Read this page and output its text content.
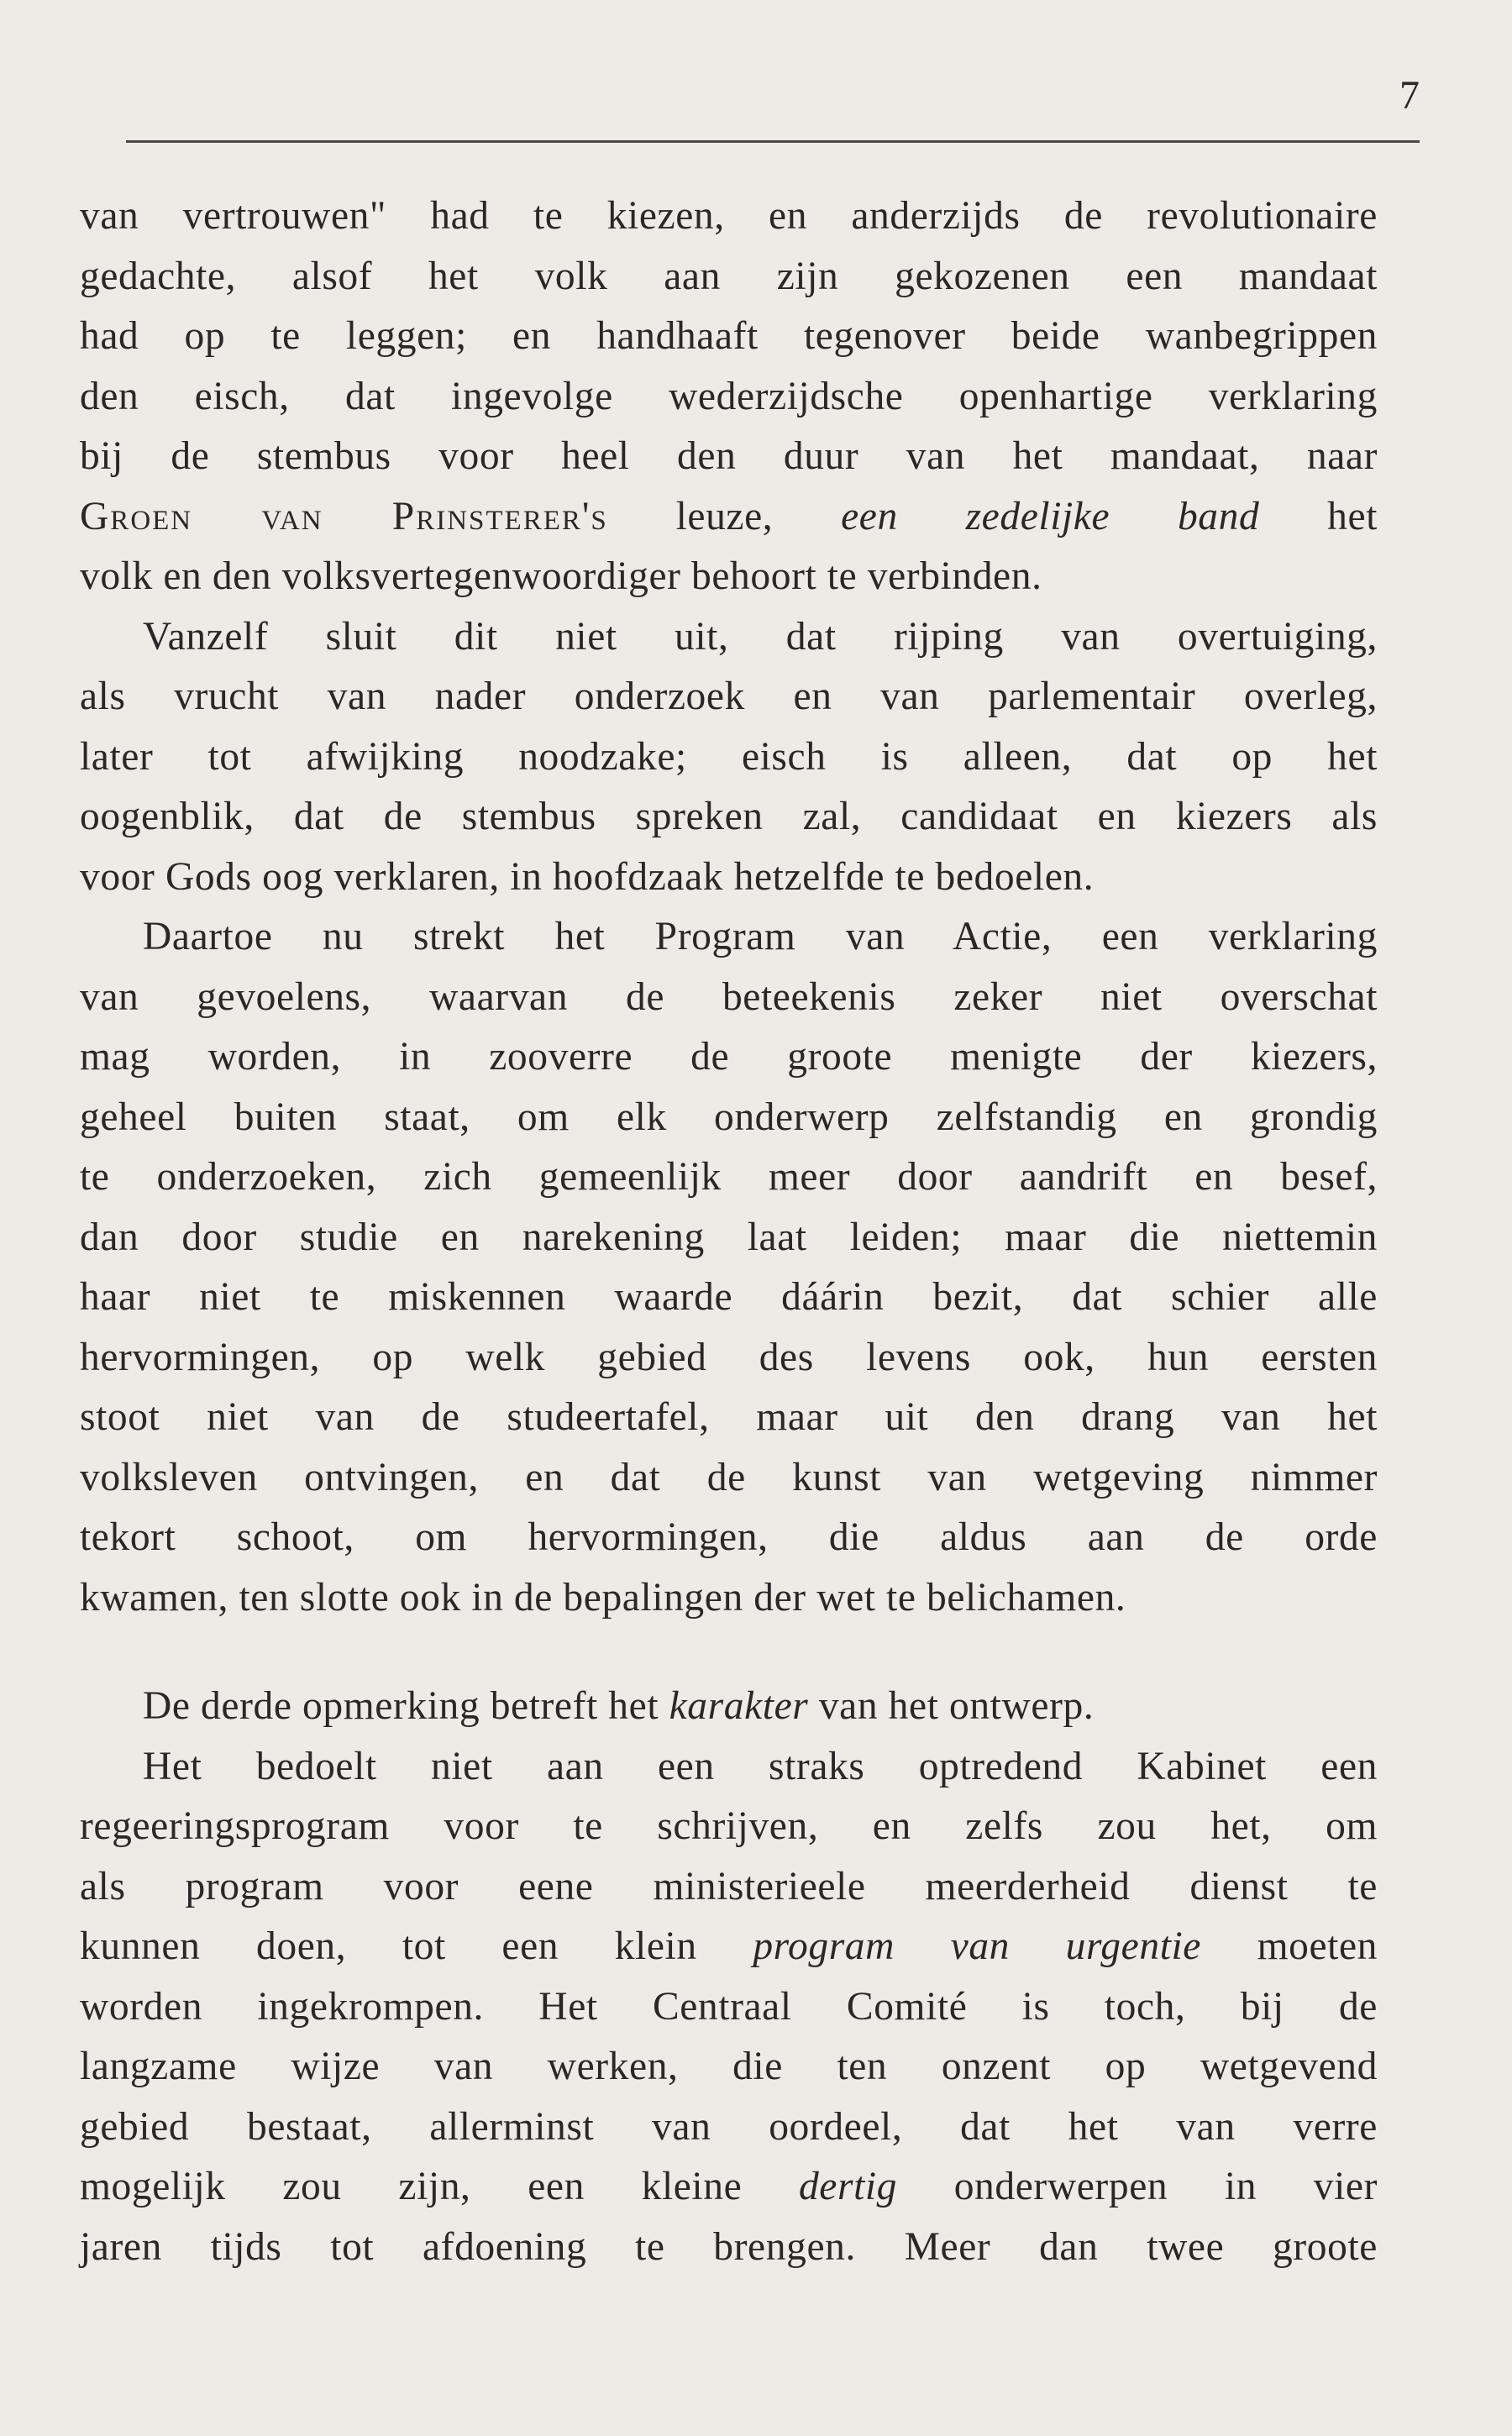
7

van vertrouwen" had te kiezen, en anderzijds de revolutionaire
gedachte, alsof het volk aan zijn gekozenen een mandaat
had op te leggen; en handhaaft tegenover beide wanbegrippen
den eisch, dat ingevolge wederzijdsche openhartige verklaring
bij de stembus voor heel den duur van het mandaat, naar
Groen van Prinsterer's leuze, een zedelijke band het
volk en den volksvertegenwoordiger behoort te verbinden.

Vanzelf sluit dit niet uit, dat rijping van overtuiging,
als vrucht van nader onderzoek en van parlementair overleg,
later tot afwijking noodzake; eisch is alleen, dat op het
oogenblik, dat de stembus spreken zal, candidaat en kiezers als
voor Gods oog verklaren, in hoofdzaak hetzelfde te bedoelen.

Daartoe nu strekt het Program van Actie, een verklaring
van gevoelens, waarvan de beteekenis zeker niet overschat
mag worden, in zooverre de groote menigte der kiezers,
geheel buiten staat, om elk onderwerp zelfstandig en grondig
te onderzoeken, zich gemeenlijk meer door aandrift en besef,
dan door studie en narekening laat leiden; maar die niettemin
haar niet te miskennen waarde dáárin bezit, dat schier alle
hervormingen, op welk gebied des levens ook, hun eersten
stoot niet van de studeertafel, maar uit den drang van het
volksleven ontvingen, en dat de kunst van wetgeving nimmer
tekort schoot, om hervormingen, die aldus aan de orde
kwamen, ten slotte ook in de bepalingen der wet te belichamen.

De derde opmerking betreft het karakter van het ontwerp.

Het bedoelt niet aan een straks optredend Kabinet een
regeeringsprogram voor te schrijven, en zelfs zou het, om
als program voor eene ministerieele meerderheid dienst te
kunnen doen, tot een klein program van urgentie moeten
worden ingekrompen. Het Centraal Comité is toch, bij de
langzame wijze van werken, die ten onzent op wetgevend
gebied bestaat, allerminst van oordeel, dat het van verre
mogelijk zou zijn, een kleine dertig onderwerpen in vier
jaren tijds tot afdoening te brengen. Meer dan twee groote
